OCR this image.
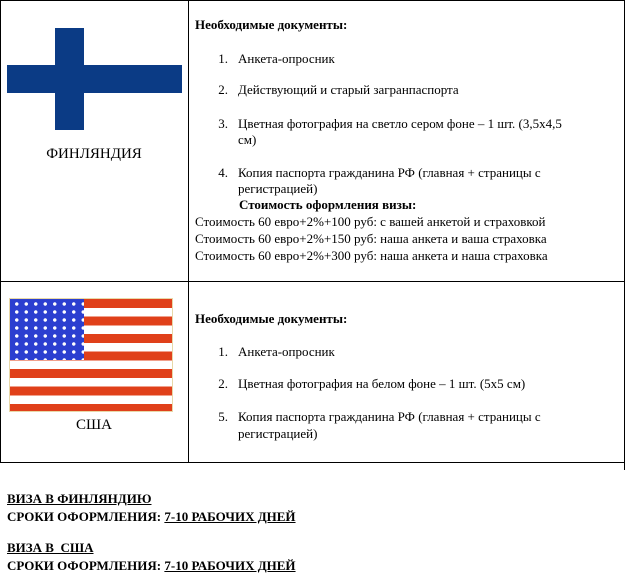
ФИНЛЯНДИЯ
Необходимые документы:
1. Анкета-опросник
2. Действующий и старый загранпаспорта
3. Цветная фотография на светло сером фоне – 1 шт. (3,5x4,5
см)
4. Копия паспорта гражданина РФ (главная + страницы с
регистрацией)
Стоимость оформления визы:
Стоимость 60 евро+2%+100 руб: с вашей анкетой и страховкой
Стоимость 60 евро+2%+150 руб: наша анкета и ваша страховка
Стоимость 60 евро+2%+300 руб: наша анкета и наша страховка
США
Необходимые документы:
1. Анкета-опросник
2. Цветная фотография на белом фоне – 1 шт. (5x5 см)
5. Копия паспорта гражданина РФ (главная + страницы с
регистрацией)
ВИЗА В ФИНЛЯНДИЮ
СРОКИ ОФОРМЛЕНИЯ: 7-10 РАБОЧИХ ДНЕЙ
ВИЗА В  США
СРОКИ ОФОРМЛЕНИЯ: 7-10 РАБОЧИХ ДНЕЙ
